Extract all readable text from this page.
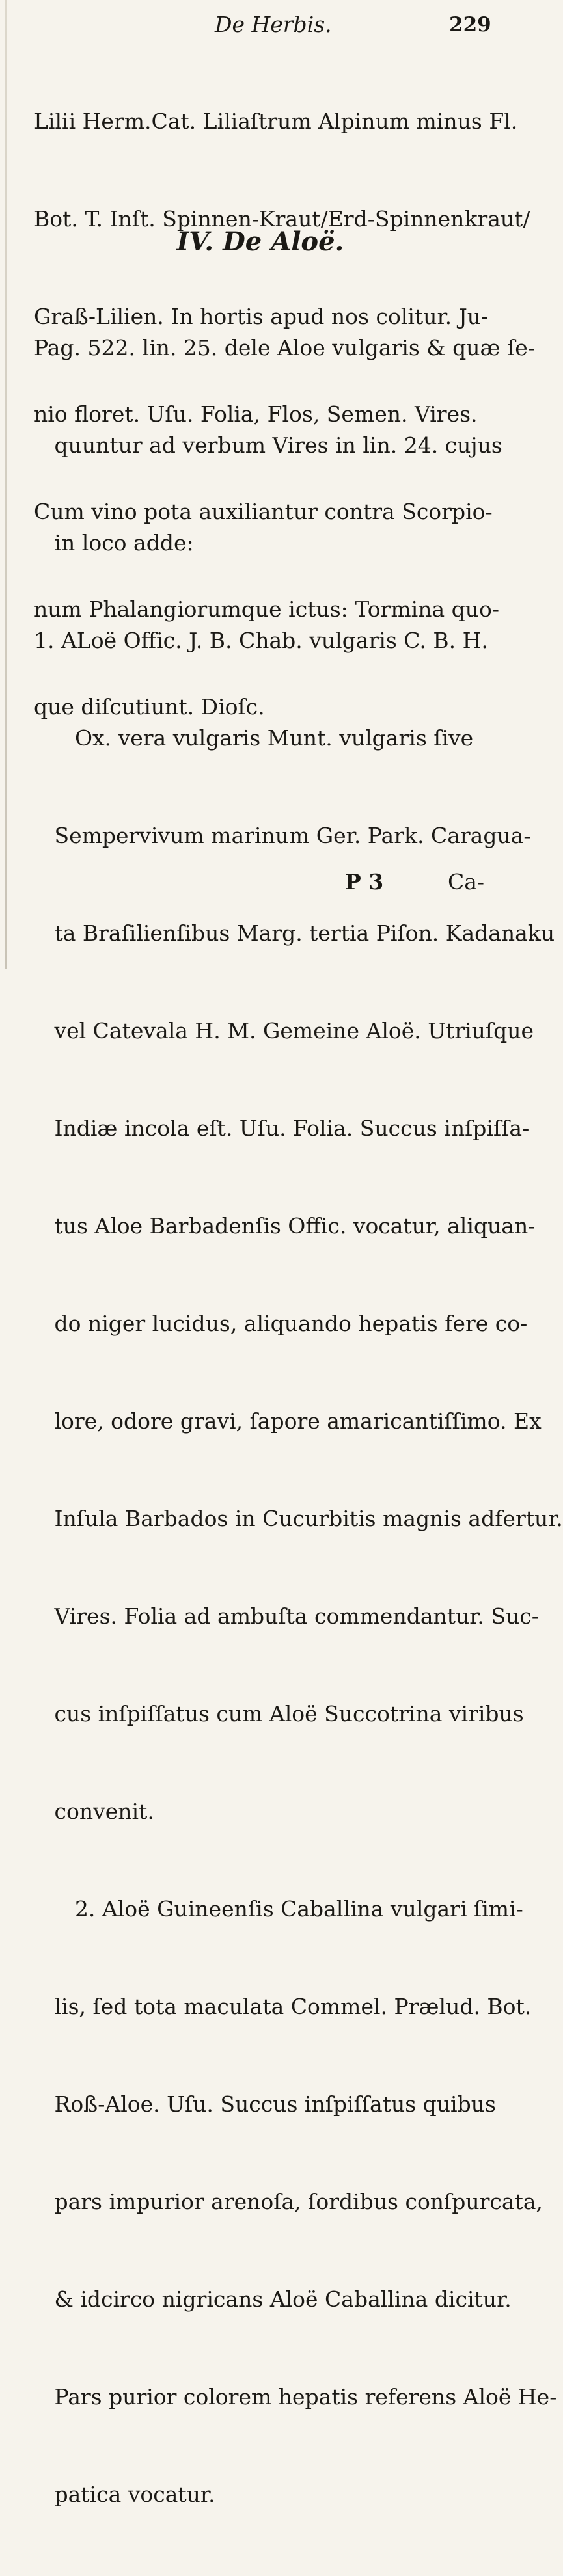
De Herbis.	229

Lilii Herm.Cat. Liliaſtrum Alpinum minus Fl.

Bot. T. Inſt. Spinnen-Kraut/Erd-Spinnenkraut/

Graß-Lilien. In hortis apud nos colitur. Ju-

nio floret. Uſu. Folia, Flos, Semen. Vires.

Cum vino pota auxiliantur contra Scorpio-

num Phalangiorumque ictus: Tormina quo-

que diſcutiunt. Dioſc.

IV. De Aloë.

Pag. 522. lin. 25. dele Aloe vulgaris & quæ ſe-

quuntur ad verbum Vires in lin. 24. cujus

in loco adde:

1. ALoë Offic. J. B. Chab. vulgaris C. B. H.

Ox. vera vulgaris Munt. vulgaris ſive

Sempervivum marinum Ger. Park. Caragua-

ta Braſilienſibus Marg. tertia Piſon. Kadanaku

vel Catevala H. M. Gemeine Aloë. Utriuſque

Indiæ incola eſt. Uſu. Folia. Succus inſpiſſa-

tus Aloe Barbadenſis Offic. vocatur, aliquan-

do niger lucidus, aliquando hepatis fere co-

lore, odore gravi, ſapore amaricantiſſimo. Ex

Inſula Barbados in Cucurbitis magnis adfertur.

Vires. Folia ad ambuſta commendantur. Suc-

cus inſpiſſatus cum Aloë Succotrina viribus

convenit.

2. Aloë Guineenſis Caballina vulgari ſimi-

lis, ſed tota maculata Commel. Prælud. Bot.

Roß-Aloe. Uſu. Succus inſpiſſatus quibus

pars impurior arenoſa, ſordibus conſpurcata,

& idcirco nigricans Aloë Caballina dicitur.

Pars purior colorem hepatis referens Aloë He-

patica vocatur.

P 3	Ca-
